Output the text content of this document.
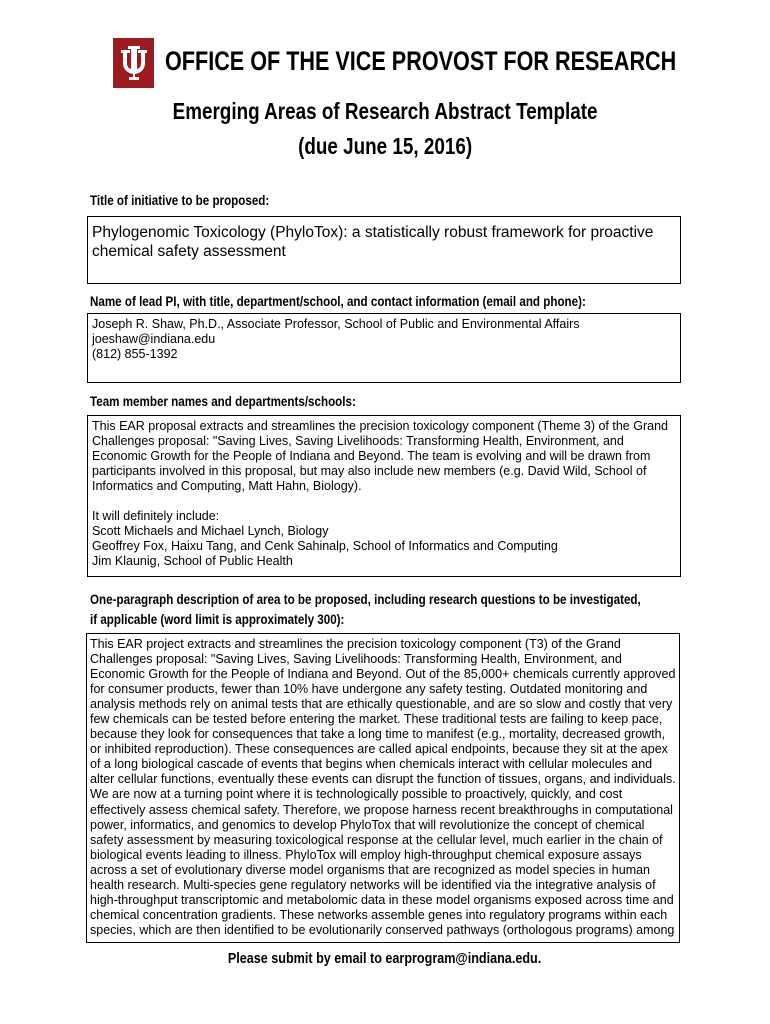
OFFICE OF THE VICE PROVOST FOR RESEARCH
Emerging Areas of Research Abstract Template
(due June 15, 2016)
Title of initiative to be proposed:

Phylogenomic Toxicology (PhyloTox): a statistically robust framework for proactive chemical safety assessment

Name of lead PI, with title, department/school, and contact information (email and phone):

Joseph R. Shaw, Ph.D., Associate Professor, School of Public and Environmental Affairs

joeshaw@indiana.edu

(812) 855-1392

Team member names and departments/schools:

This EAR proposal extracts and streamlines the precision toxicology component (Theme 3) of the Grand Challenges proposal: "Saving Lives, Saving Livelihoods: Transforming Health, Environment, and Economic Growth for the People of Indiana and Beyond. The team is evolving and will be drawn from participants involved in this proposal, but may also include new members (e.g. David Wild, School of Informatics and Computing, Matt Hahn, Biology).

It will definitely include:

Scott Michaels and Michael Lynch, Biology

Geoffrey Fox, Haixu Tang, and Cenk Sahinalp, School of Informatics and Computing

Jim Klaunig, School of Public Health

One-paragraph description of area to be proposed, including research questions to be investigated,
if applicable (word limit is approximately 300):

This EAR project extracts and streamlines the precision toxicology component (T3) of the Grand Challenges proposal: "Saving Lives, Saving Livelihoods: Transforming Health, Environment, and Economic Growth for the People of Indiana and Beyond. Out of the 85,000+ chemicals currently approved for consumer products, fewer than 10% have undergone any safety testing. Outdated monitoring and analysis methods rely on animal tests that are ethically questionable, and are so slow and costly that very few chemicals can be tested before entering the market. These traditional tests are failing to keep pace, because they look for consequences that take a long time to manifest (e.g., mortality, decreased growth, or inhibited reproduction). These consequences are called apical endpoints, because they sit at the apex of a long biological cascade of events that begins when chemicals interact with cellular molecules and alter cellular functions, eventually these events can disrupt the function of tissues, organs, and individuals. We are now at a turning point where it is technologically possible to proactively, quickly, and cost effectively assess chemical safety. Therefore, we propose harness recent breakthroughs in computational power, informatics, and genomics to develop PhyloTox that will revolutionize the concept of chemical safety assessment by measuring toxicological response at the cellular level, much earlier in the chain of biological events leading to illness. PhyloTox will employ high-throughput chemical exposure assays across a set of evolutionary diverse model organisms that are recognized as model species in human health research. Multi-species gene regulatory networks will be identified via the integrative analysis of high-throughput transcriptomic and metabolomic data in these model organisms exposed across time and chemical concentration gradients. These networks assemble genes into regulatory programs within each species, which are then identified to be evolutionarily conserved pathways (orthologous programs) among

Please submit by email to earprogram@indiana.edu.
